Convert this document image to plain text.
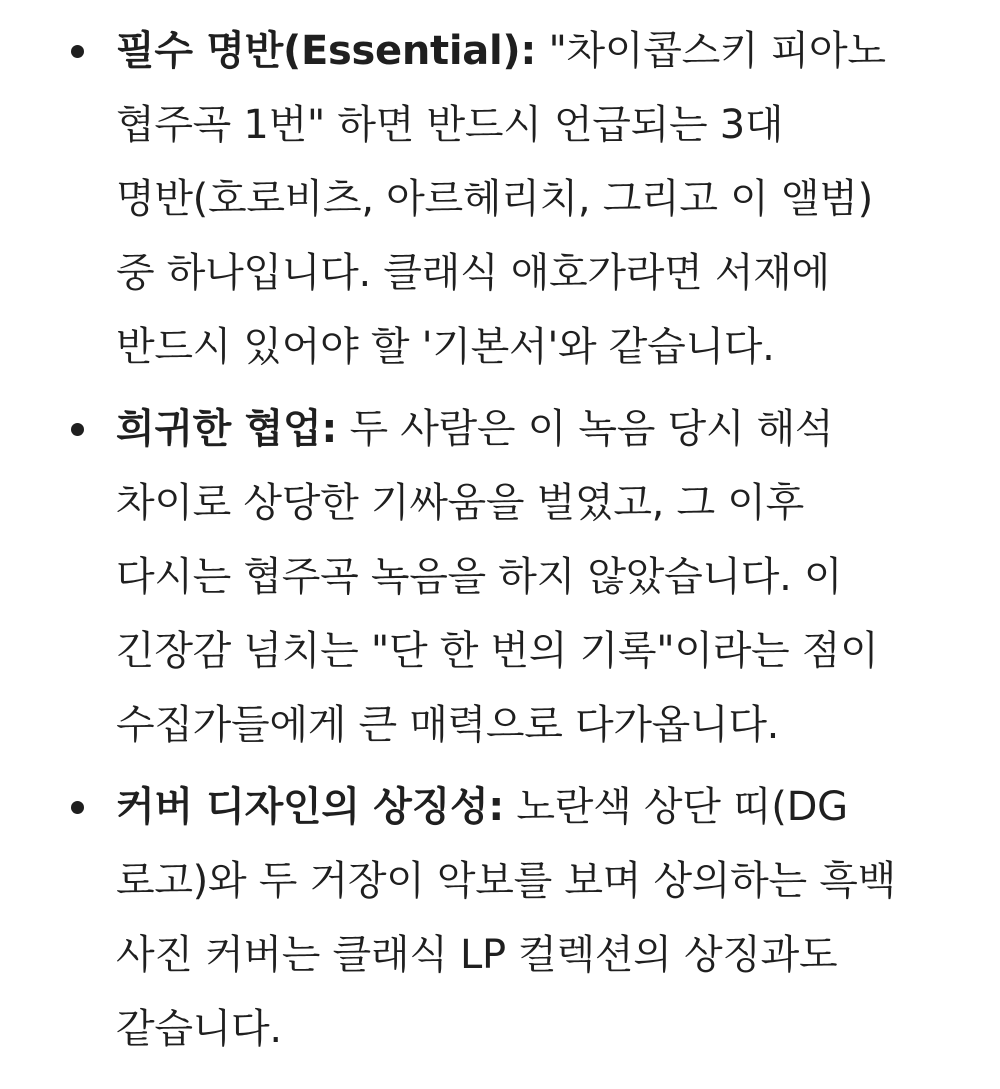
필수 명반(Essential): "차이콥스키 피아노
협주곡 1번" 하면 반드시 언급되는 3대
명반(호로비츠, 아르헤리치, 그리고 이 앨범)
중 하나입니다. 클래식 애호가라면 서재에
반드시 있어야 할 '기본서'와 같습니다.

희귀한 협업: 두 사람은 이 녹음 당시 해석
차이로 상당한 기싸움을 벌였고, 그 이후
다시는 협주곡 녹음을 하지 않았습니다. 이
긴장감 넘치는 "단 한 번의 기록"이라는 점이
수집가들에게 큰 매력으로 다가옵니다.

커버 디자인의 상징성: 노란색 상단 띠(DG
로고)와 두 거장이 악보를 보며 상의하는 흑백
사진 커버는 클래식 LP 컬렉션의 상징과도
같습니다.
